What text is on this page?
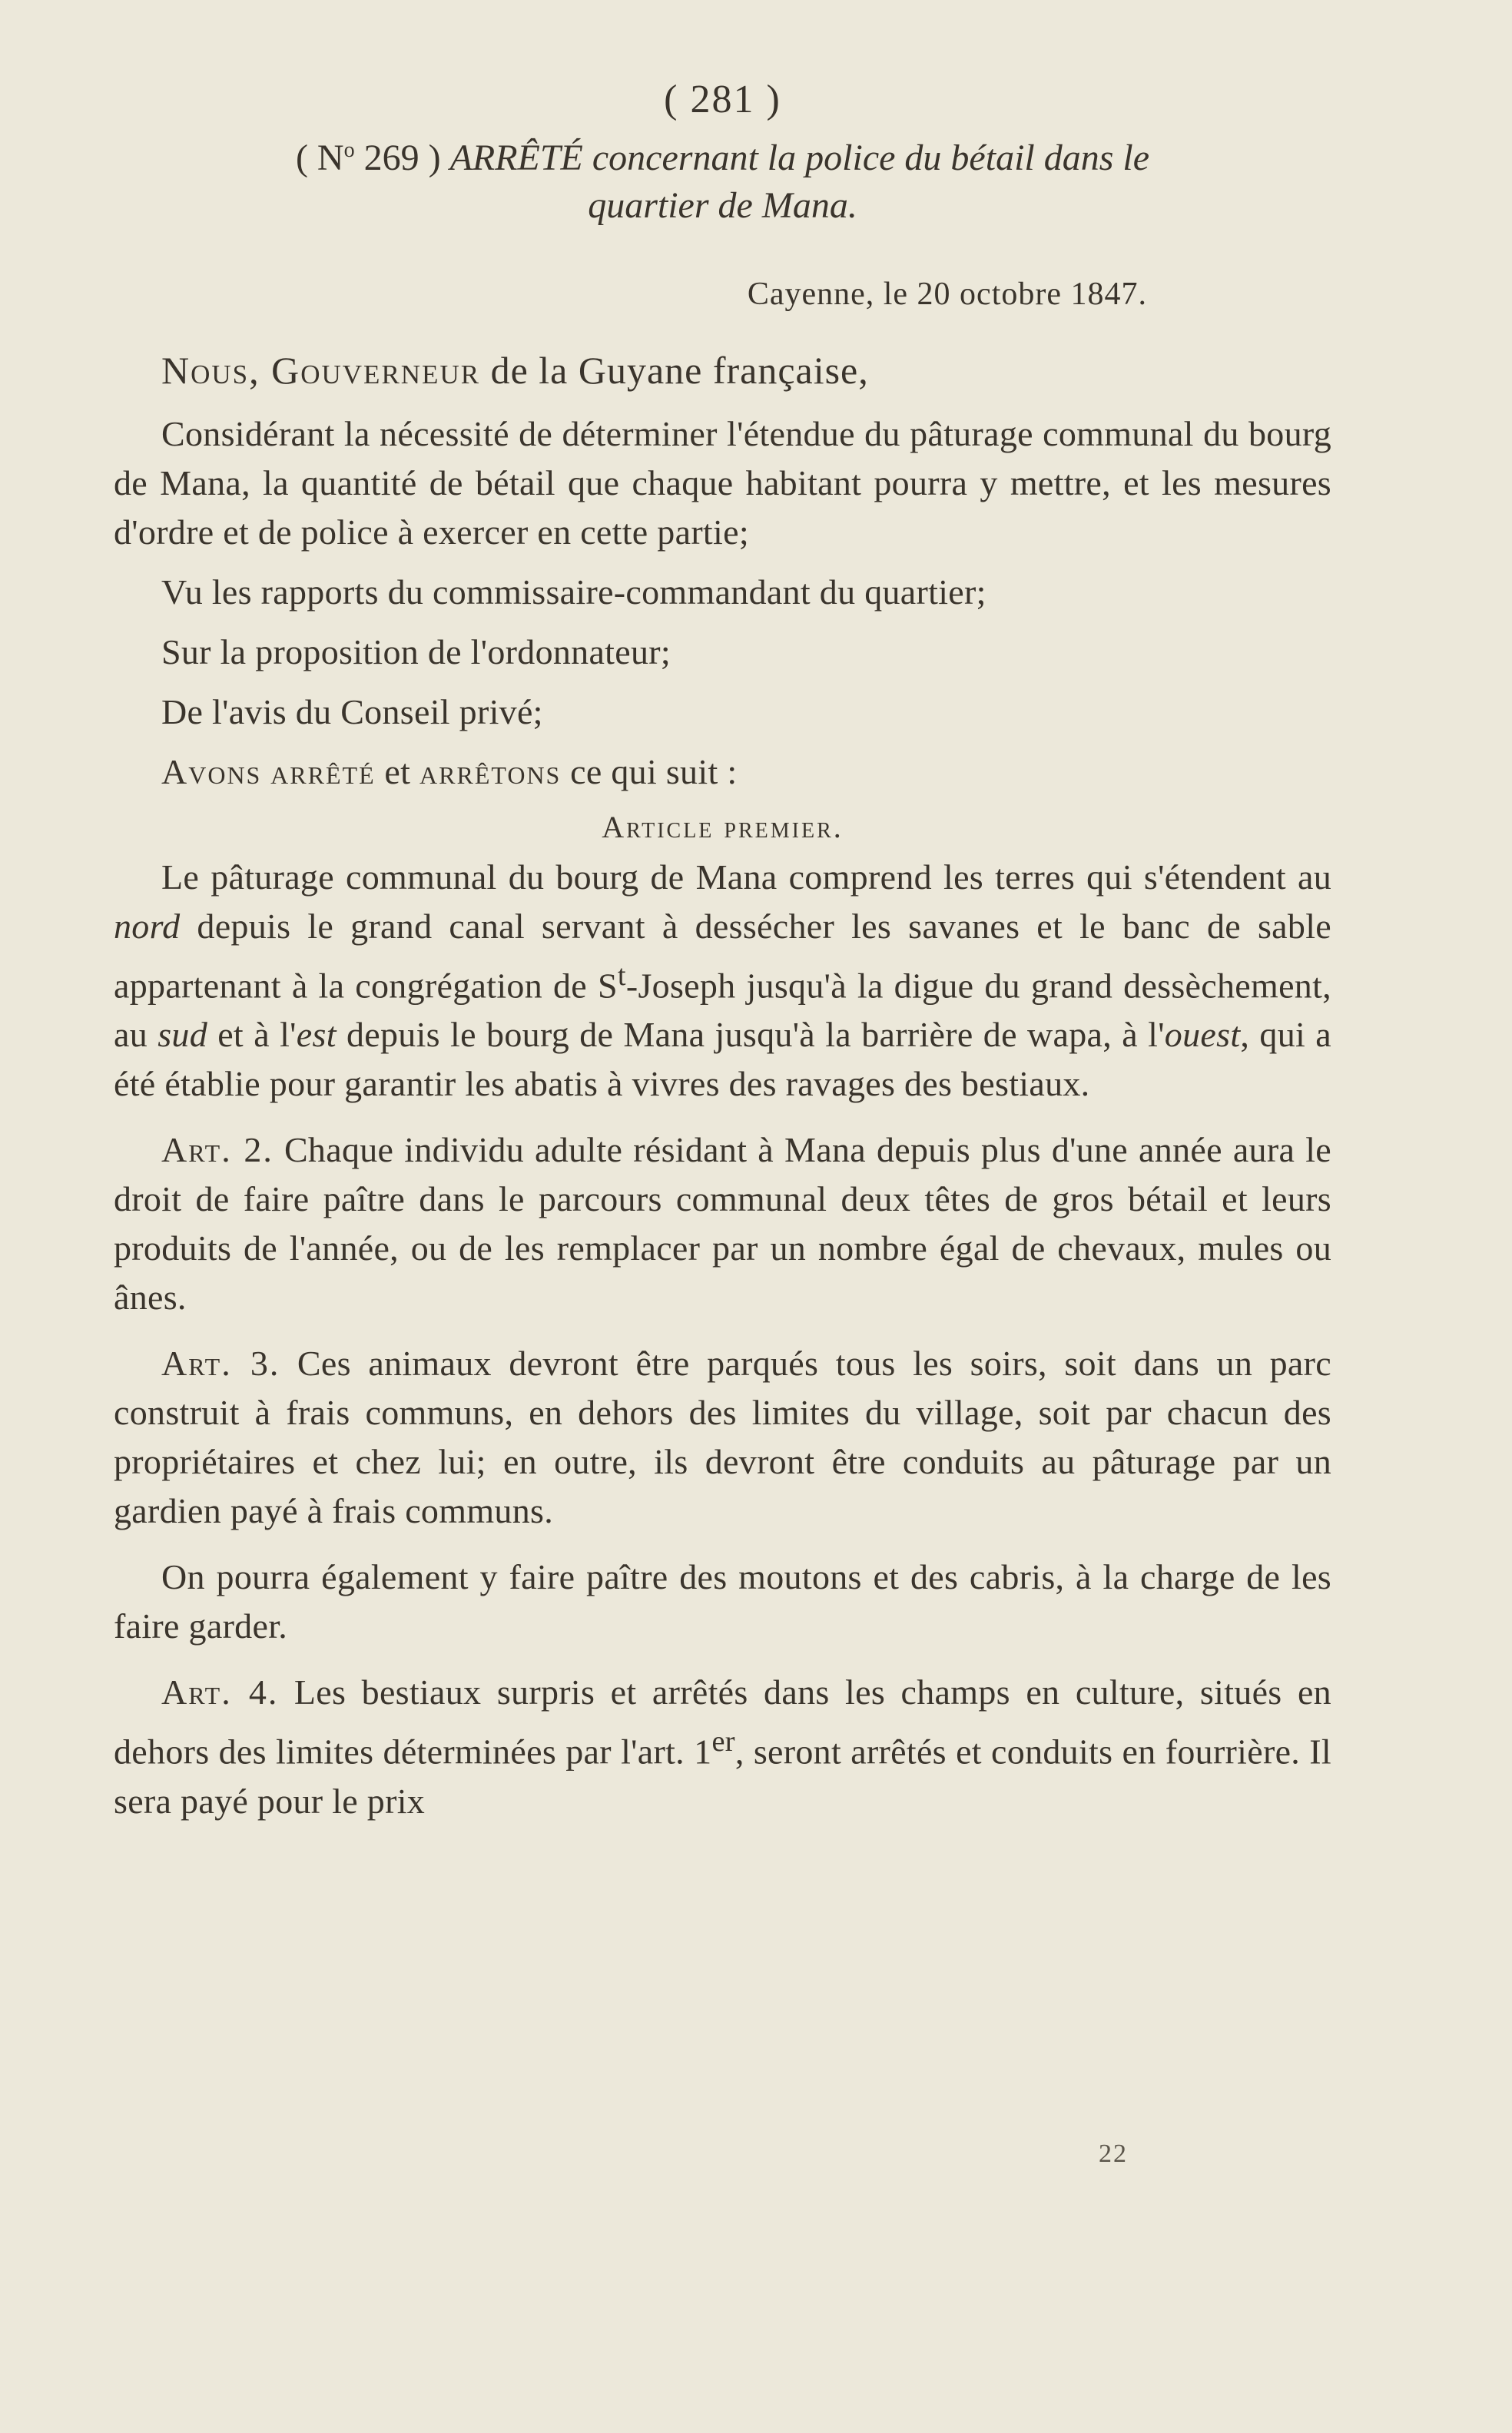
( 281 )
( $N^o$ 269 ) ARRÊTÉ concernant la police du bétail dans le
quartier de Mana.
Cayenne, le 20 octobre 1847.
Nous, Gouverneur de la Guyane française,

Considérant la nécessité de déterminer l'étendue du pâturage communal du bourg de Mana, la quantité de bétail que chaque habitant pourra y mettre, et les mesures d'ordre et de police à exercer en cette partie;

Vu les rapports du commissaire-commandant du quartier;

Sur la proposition de l'ordonnateur;

De l'avis du Conseil privé;

Avons arrêté et arrêtons ce qui suit :

Article premier.

Le pâturage communal du bourg de Mana comprend les terres qui s'étendent au nord depuis le grand canal servant à dessécher les savanes et le banc de sable appartenant à la congrégation de $S^t$-Joseph jusqu'à la digue du grand dessèchement, au sud et à l'est depuis le bourg de Mana jusqu'à la barrière de wapa, à l'ouest, qui a été établie pour garantir les abatis à vivres des ravages des bestiaux.

Art. 2. Chaque individu adulte résidant à Mana depuis plus d'une année aura le droit de faire paître dans le parcours communal deux têtes de gros bétail et leurs produits de l'année, ou de les remplacer par un nombre égal de chevaux, mules ou ânes.

Art. 3. Ces animaux devront être parqués tous les soirs, soit dans un parc construit à frais communs, en dehors des limites du village, soit par chacun des propriétaires et chez lui; en outre, ils devront être conduits au pâturage par un gardien payé à frais communs.

On pourra également y faire paître des moutons et des cabris, à la charge de les faire garder.

Art. 4. Les bestiaux surpris et arrêtés dans les champs en culture, situés en dehors des limites déterminées par l'art. 1er, seront arrêtés et conduits en fourrière. Il sera payé pour le prix

22
